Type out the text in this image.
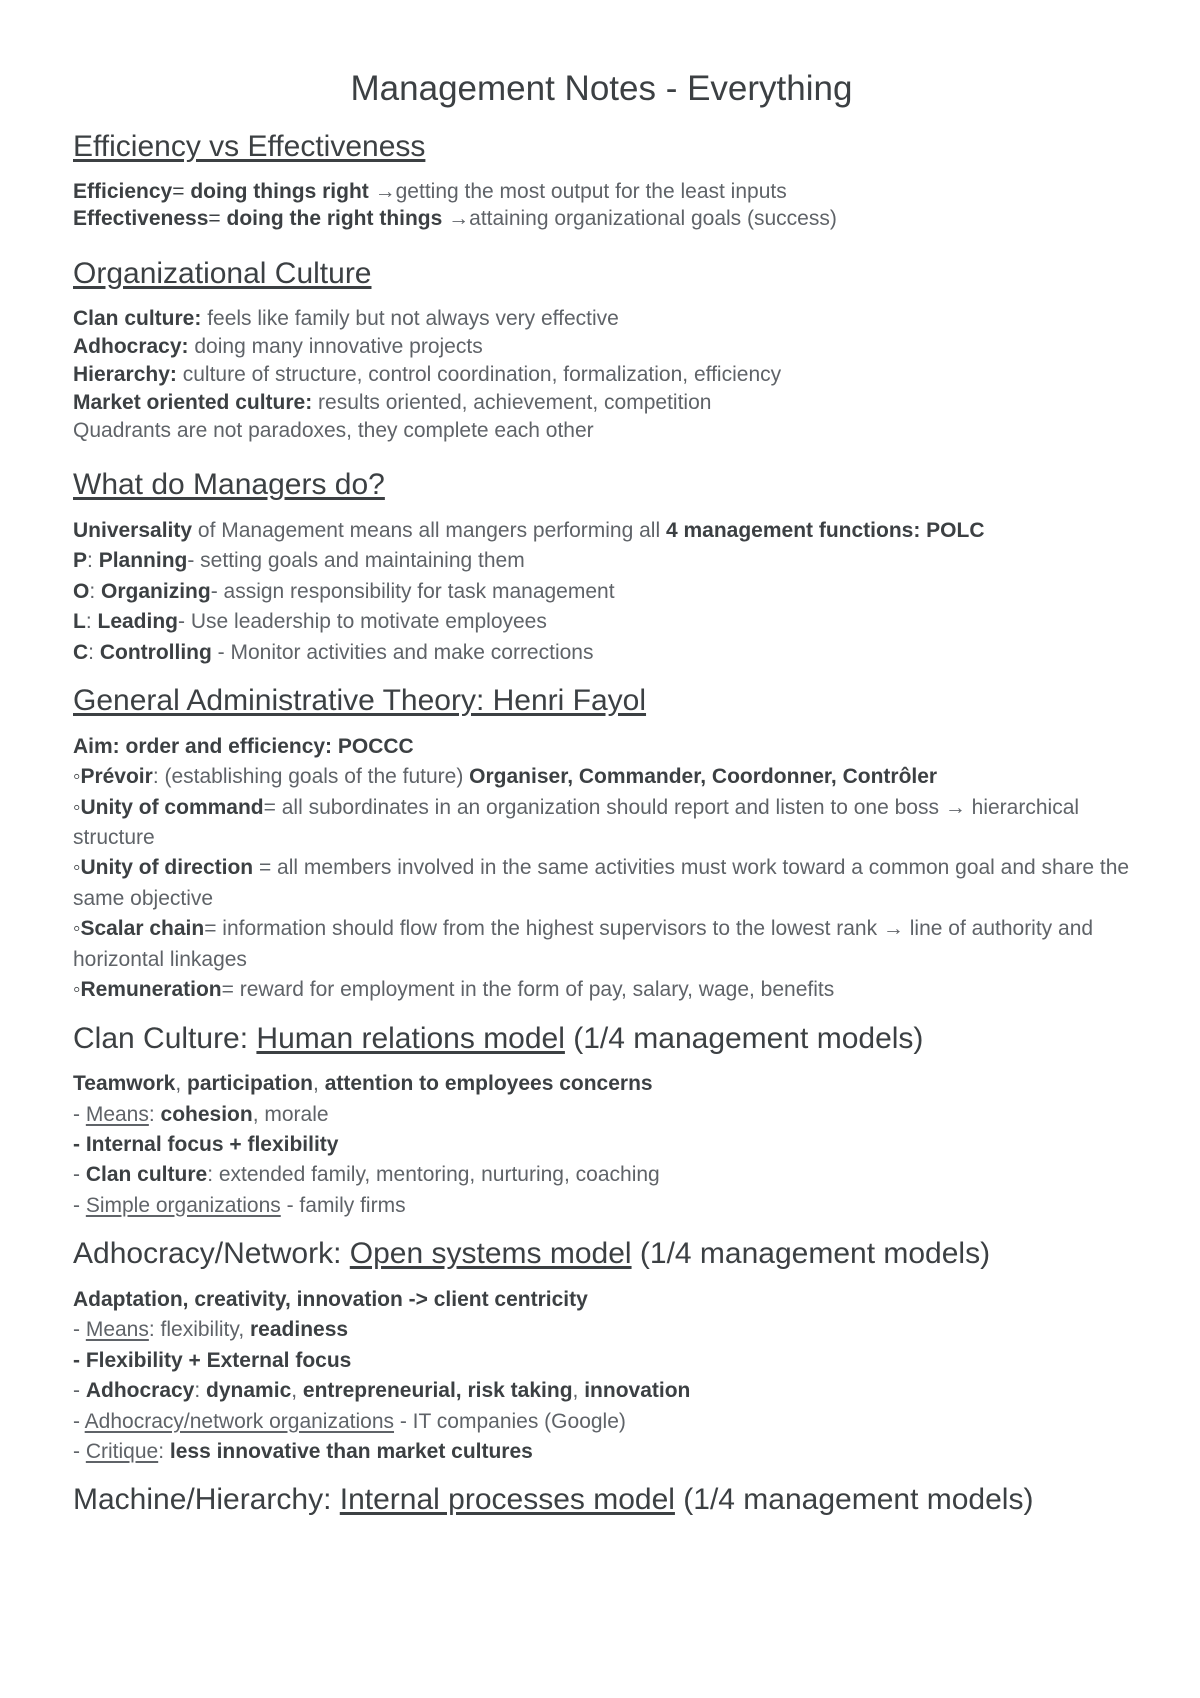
Management Notes - Everything
Efficiency vs Effectiveness

Efficiency= doing things right →getting the most output for the least inputs

Effectiveness= doing the right things →attaining organizational goals (success)

Organizational Culture

Clan culture: feels like family but not always very effective

Adhocracy: doing many innovative projects

Hierarchy: culture of structure, control coordination, formalization, efficiency

Market oriented culture: results oriented, achievement, competition

Quadrants are not paradoxes, they complete each other

What do Managers do?

Universality of Management means all mangers performing all 4 management functions: POLC

P: Planning- setting goals and maintaining them

O: Organizing- assign responsibility for task management

L: Leading- Use leadership to motivate employees

C: Controlling - Monitor activities and make corrections

General Administrative Theory: Henri Fayol

Aim: order and efficiency: POCCC

◦Prévoir: (establishing goals of the future) Organiser, Commander, Coordonner, Contrôler

◦Unity of command= all subordinates in an organization should report and listen to one boss → hierarchical structure

◦Unity of direction = all members involved in the same activities must work toward a common goal and share the same objective

◦Scalar chain= information should flow from the highest supervisors to the lowest rank → line of authority and horizontal linkages

◦Remuneration= reward for employment in the form of pay, salary, wage, benefits

Clan Culture: Human relations model (1/4 management models)

Teamwork, participation, attention to employees concerns

- Means: cohesion, morale

- Internal focus + flexibility

- Clan culture: extended family, mentoring, nurturing, coaching

- Simple organizations - family firms

Adhocracy/Network: Open systems model (1/4 management models)

Adaptation, creativity, innovation -> client centricity

- Means: flexibility, readiness

- Flexibility + External focus

- Adhocracy: dynamic, entrepreneurial, risk taking, innovation

- Adhocracy/network organizations - IT companies (Google)

- Critique: less innovative than market cultures

Machine/Hierarchy: Internal processes model (1/4 management models)
